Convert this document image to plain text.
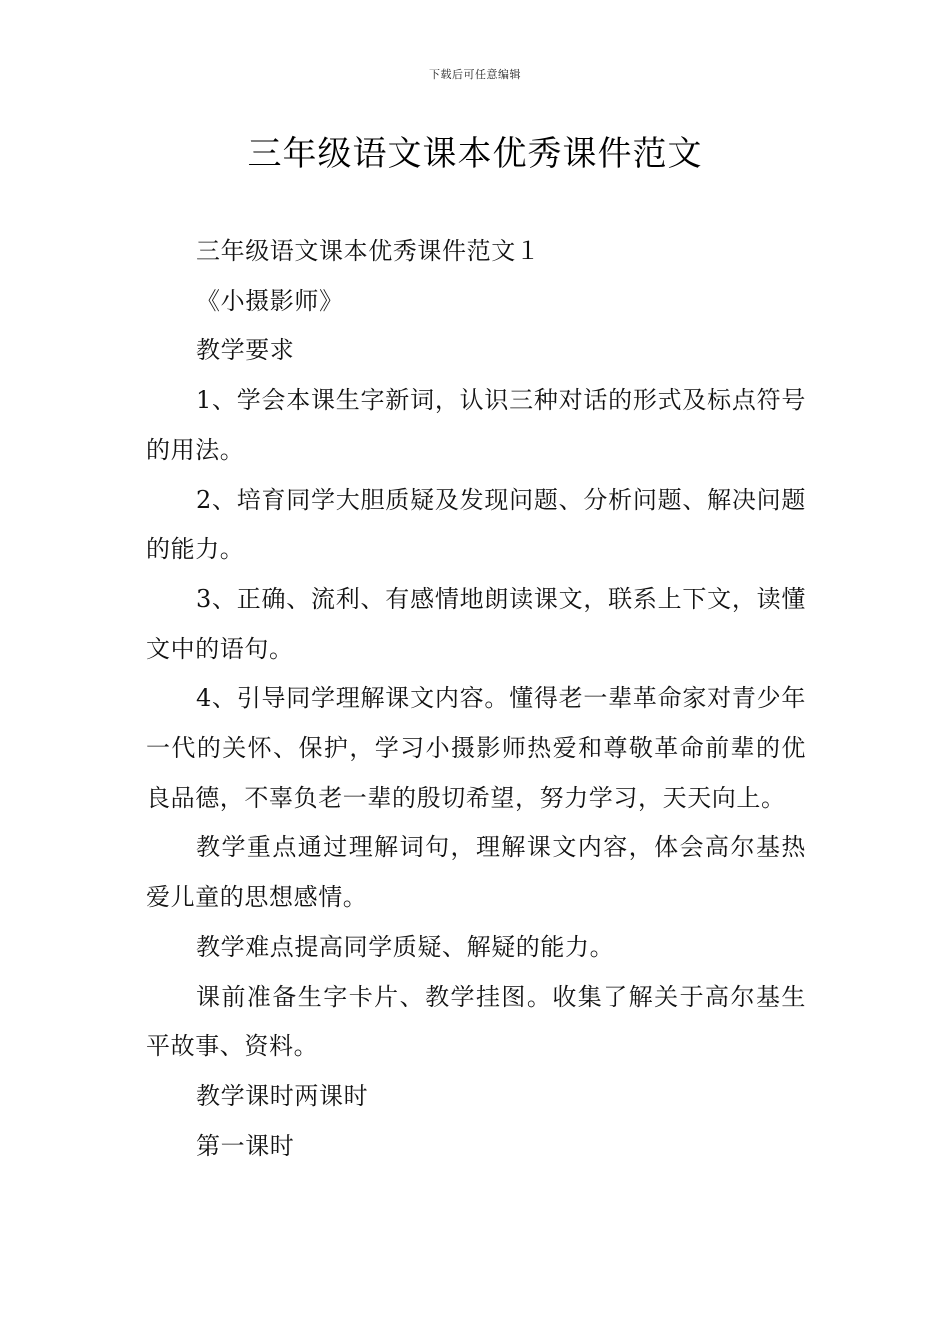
下载后可任意编辑
三年级语文课本优秀课件范文

三年级语文课本优秀课件范文１

《小摄影师》

教学要求

1、学会本课生字新词，认识三种对话的形式及标点符号的用法。

2、培育同学大胆质疑及发现问题、分析问题、解决问题的能力。

3、正确、流利、有感情地朗读课文，联系上下文，读懂文中的语句。

4、引导同学理解课文内容。懂得老一辈革命家对青少年一代的关怀、保护，学习小摄影师热爱和尊敬革命前辈的优良品德，不辜负老一辈的殷切希望，努力学习，天天向上。

教学重点通过理解词句，理解课文内容，体会高尔基热爱儿童的思想感情。

教学难点提高同学质疑、解疑的能力。

课前准备生字卡片、教学挂图。收集了解关于高尔基生平故事、资料。

教学课时两课时

第一课时
